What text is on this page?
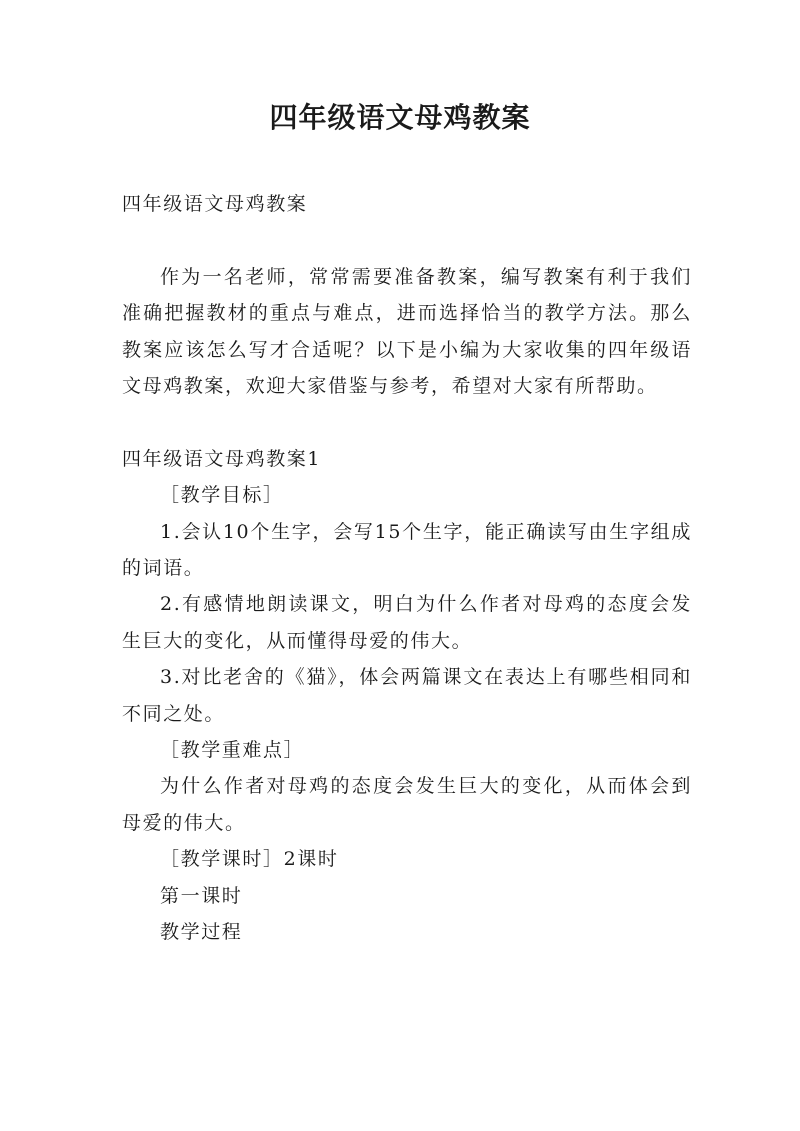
四年级语文母鸡教案

四年级语文母鸡教案

作为一名老师，常常需要准备教案，编写教案有利于我们准确把握教材的重点与难点，进而选择恰当的教学方法。那么教案应该怎么写才合适呢？以下是小编为大家收集的四年级语文母鸡教案，欢迎大家借鉴与参考，希望对大家有所帮助。

四年级语文母鸡教案1

［教学目标］

1.会认10个生字，会写15个生字，能正确读写由生字组成的词语。

2.有感情地朗读课文，明白为什么作者对母鸡的态度会发生巨大的变化，从而懂得母爱的伟大。

3.对比老舍的《猫》，体会两篇课文在表达上有哪些相同和不同之处。

［教学重难点］

为什么作者对母鸡的态度会发生巨大的变化，从而体会到母爱的伟大。

［教学课时］2课时

第一课时

教学过程
